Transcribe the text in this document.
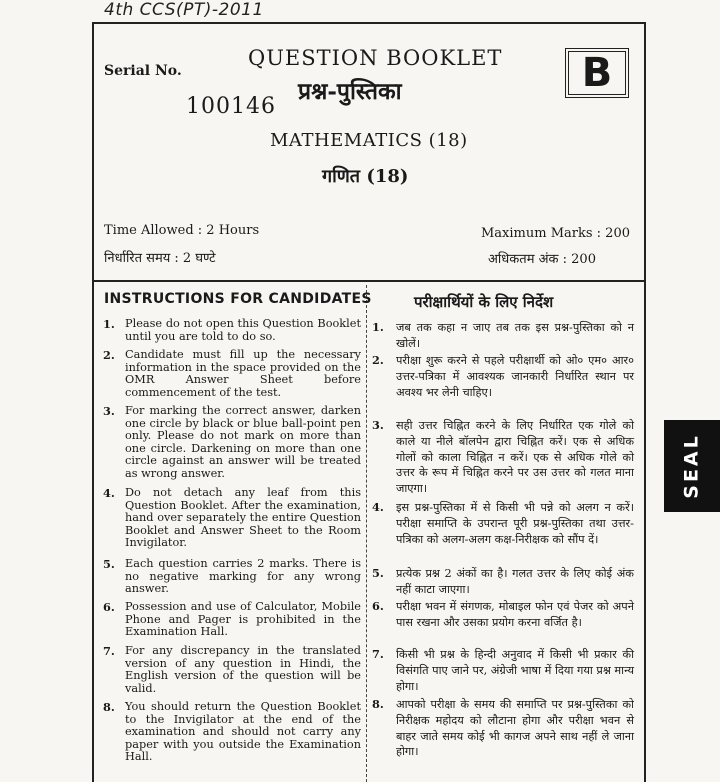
4th CCS(PT)-2011
Serial No.
100146
QUESTION BOOKLET
प्रश्न-पुस्तिका
MATHEMATICS (18)
गणित (18)
B
Time Allowed : 2 Hours
निर्धारित समय : 2 घण्टे
Maximum Marks : 200
अधिकतम अंक : 200
INSTRUCTIONS FOR CANDIDATES	परीक्षार्थियों के लिए निर्देश
1. Please do not open this Question Booklet until you are told to do so.
2. Candidate must fill up the necessary information in the space provided on the OMR Answer Sheet before commencement of the test.
3. For marking the correct answer, darken one circle by black or blue ball-point pen only. Please do not mark on more than one circle. Darkening on more than one circle against an answer will be treated as wrong answer.
4. Do not detach any leaf from this Question Booklet. After the examination, hand over separately the entire Question Booklet and Answer Sheet to the Room Invigilator.
5. Each question carries 2 marks. There is no negative marking for any wrong answer.
6. Possession and use of Calculator, Mobile Phone and Pager is prohibited in the Examination Hall.
7. For any discrepancy in the translated version of any question in Hindi, the English version of the question will be valid.
8. You should return the Question Booklet to the Invigilator at the end of the examination and should not carry any paper with you outside the Examination Hall.
1. जब तक कहा न जाए तब तक इस प्रश्न-पुस्तिका को न खोलें।
2. परीक्षा शुरू करने से पहले परीक्षार्थी को ओ० एम० आर० उत्तर-पत्रिका में आवश्यक जानकारी निर्धारित स्थान पर अवश्य भर लेनी चाहिए।
3. सही उत्तर चिह्नित करने के लिए निर्धारित एक गोले को काले या नीले बॉलपेन द्वारा चिह्नित करें। एक से अधिक गोलों को काला चिह्नित न करें। एक से अधिक गोले को उत्तर के रूप में चिह्नित करने पर उस उत्तर को गलत माना जाएगा।
4. इस प्रश्न-पुस्तिका में से किसी भी पन्ने को अलग न करें। परीक्षा समाप्ति के उपरान्त पूरी प्रश्न-पुस्तिका तथा उत्तर-पत्रिका को अलग-अलग कक्ष-निरीक्षक को सौंप दें।
5. प्रत्येक प्रश्न 2 अंकों का है। गलत उत्तर के लिए कोई अंक नहीं काटा जाएगा।
6. परीक्षा भवन में संगणक, मोबाइल फोन एवं पेजर को अपने पास रखना और उसका प्रयोग करना वर्जित है।
7. किसी भी प्रश्न के हिन्दी अनुवाद में किसी भी प्रकार की विसंगति पाए जाने पर, अंग्रेजी भाषा में दिया गया प्रश्न मान्य होगा।
8. आपको परीक्षा के समय की समाप्ति पर प्रश्न-पुस्तिका को निरीक्षक महोदय को लौटाना होगा और परीक्षा भवन से बाहर जाते समय कोई भी कागज अपने साथ नहीं ले जाना होगा।
SEAL
